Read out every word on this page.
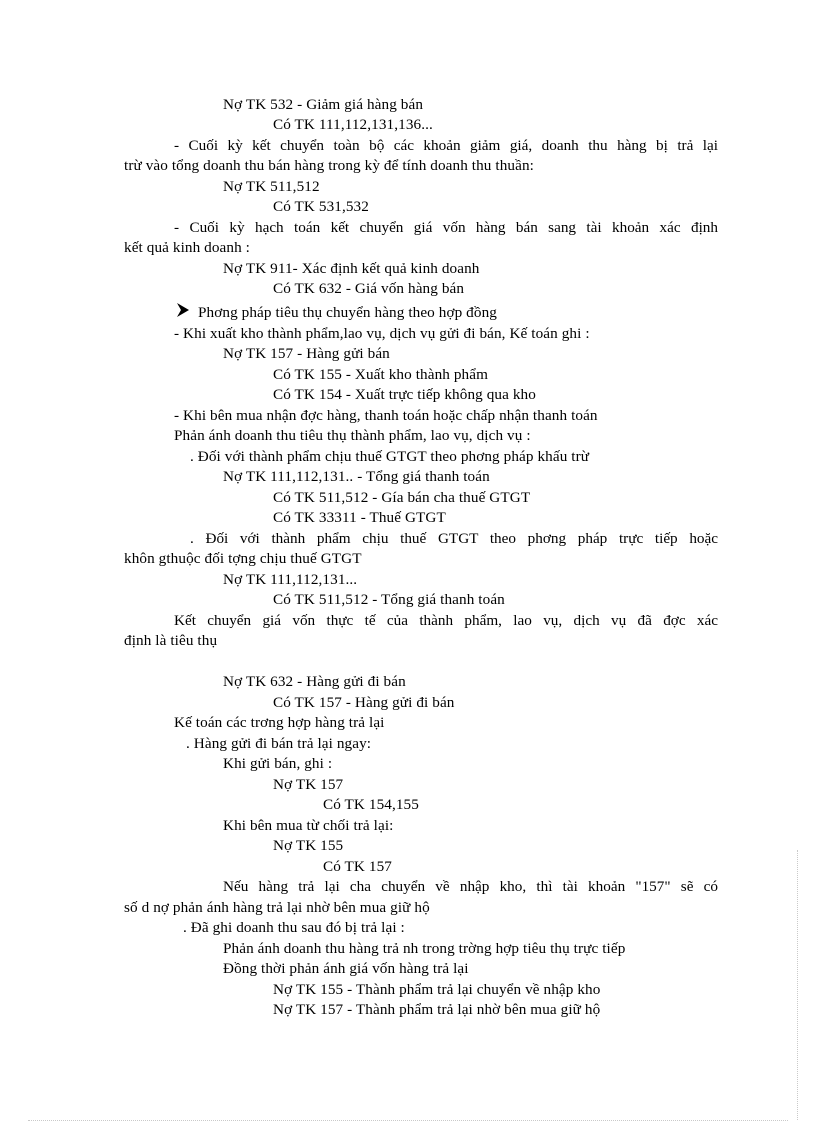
Nợ TK 532 - Giảm giá hàng bán
Có TK 111,112,131,136...
- Cuối kỳ kết chuyển toàn bộ các khoản giảm giá, doanh thu hàng bị trả lại
trừ vào tổng doanh thu bán hàng trong kỳ để tính doanh thu thuần:
Nợ TK 511,512
Có TK 531,532
- Cuối kỳ hạch toán kết chuyển giá vốn hàng bán sang tài khoản xác định
kết quả kinh doanh :
Nợ TK 911- Xác định kết quả kinh doanh
Có TK 632 - Giá vốn hàng bán
Phơng pháp tiêu thụ chuyển hàng theo hợp đồng
- Khi xuất kho thành phẩm,lao vụ, dịch vụ gửi đi bán, Kế toán ghi :
Nợ TK 157 - Hàng gửi bán
Có TK 155 - Xuất kho thành phẩm
Có TK 154 - Xuất trực tiếp không qua kho
- Khi bên mua nhận đợc hàng, thanh toán hoặc chấp nhận thanh toán
Phản ánh doanh thu tiêu thụ thành phẩm, lao vụ, dịch vụ :
. Đối với thành phẩm chịu thuế GTGT theo phơng pháp khấu trừ
Nợ TK 111,112,131.. - Tổng giá thanh toán
Có TK 511,512 - Gía bán cha thuế GTGT
Có TK 33311 - Thuế GTGT
. Đối với thành phẩm chịu thuế GTGT theo phơng pháp trực tiếp hoặc
khôn gthuộc đối tợng chịu thuế GTGT
Nợ TK 111,112,131...
Có TK 511,512 - Tổng giá thanh toán
Kết chuyển giá vốn thực tế của thành phẩm, lao vụ, dịch vụ đã đợc xác
định là tiêu thụ
Nợ TK 632 - Hàng gửi đi bán
Có TK 157 - Hàng gửi đi bán
Kế toán các trơng hợp hàng trả lại
. Hàng gửi đi bán trả lại ngay:
Khi gửi bán, ghi :
Nợ TK 157
Có TK 154,155
Khi bên mua từ chối trả lại:
Nợ TK 155
Có TK 157
Nếu hàng trả lại cha chuyển về nhập kho, thì tài khoản "157" sẽ có
số d nợ phản ánh hàng trả lại nhờ bên mua giữ hộ
. Đã ghi doanh thu sau đó bị trả lại :
Phản ánh doanh thu hàng trả nh trong trờng hợp tiêu thụ trực tiếp
Đồng thời phản ánh giá vốn hàng trả lại
Nợ TK 155 - Thành phẩm trả lại chuyển về nhập kho
Nợ TK 157 - Thành phẩm trả lại nhờ bên mua giữ hộ
